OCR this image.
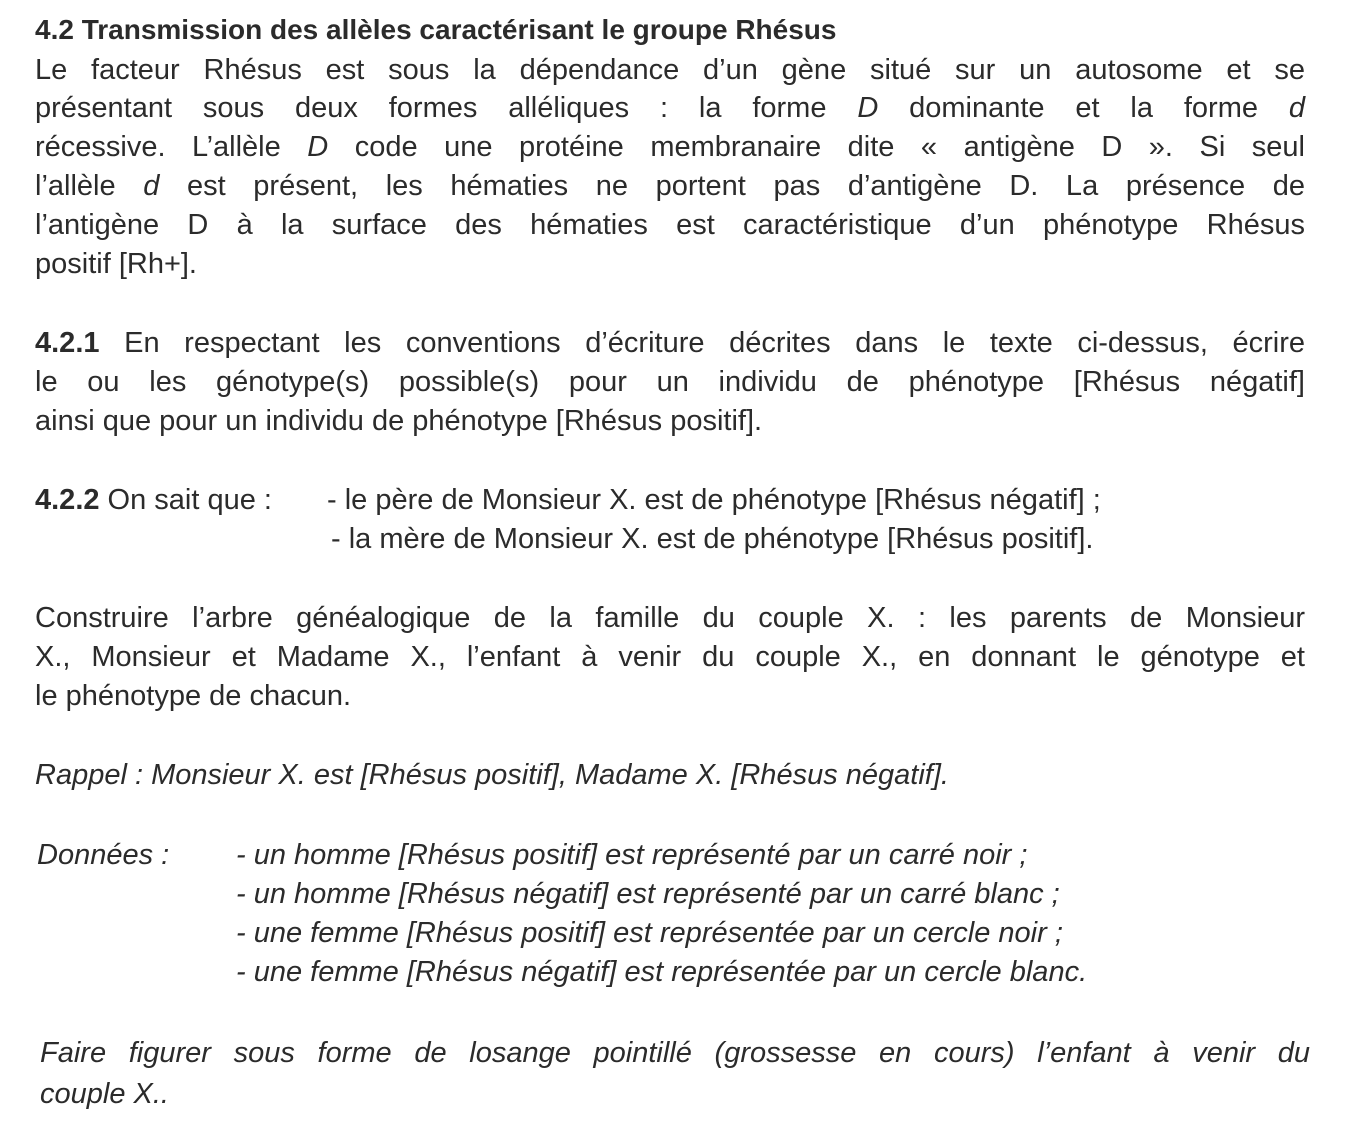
4.2 Transmission des allèles caractérisant le groupe Rhésus
Le facteur Rhésus est sous la dépendance d’un gène situé sur un autosome et se
présentant sous deux formes alléliques : la forme D dominante et la forme d
récessive. L’allèle D code une protéine membranaire dite « antigène D ». Si seul
l’allèle d est présent, les hématies ne portent pas d’antigène D. La présence de
l’antigène D à la surface des hématies est caractéristique d’un phénotype Rhésus
positif [Rh+].
4.2.1 En respectant les conventions d’écriture décrites dans le texte ci-dessus, écrire
le ou les génotype(s) possible(s) pour un individu de phénotype [Rhésus négatif]
ainsi que pour un individu de phénotype [Rhésus positif].
4.2.2 On sait que : - le père de Monsieur X. est de phénotype [Rhésus négatif] ;
- la mère de Monsieur X. est de phénotype [Rhésus positif].
Construire l’arbre généalogique de la famille du couple X. : les parents de Monsieur
X., Monsieur et Madame X., l’enfant à venir du couple X., en donnant le génotype et
le phénotype de chacun.
Rappel : Monsieur X. est [Rhésus positif], Madame X. [Rhésus négatif].
Données : - un homme [Rhésus positif] est représenté par un carré noir ;
- un homme [Rhésus négatif] est représenté par un carré blanc ;
- une femme [Rhésus positif] est représentée par un cercle noir ;
- une femme [Rhésus négatif] est représentée par un cercle blanc.
Faire figurer sous forme de losange pointillé (grossesse en cours) l’enfant à venir du
couple X..
